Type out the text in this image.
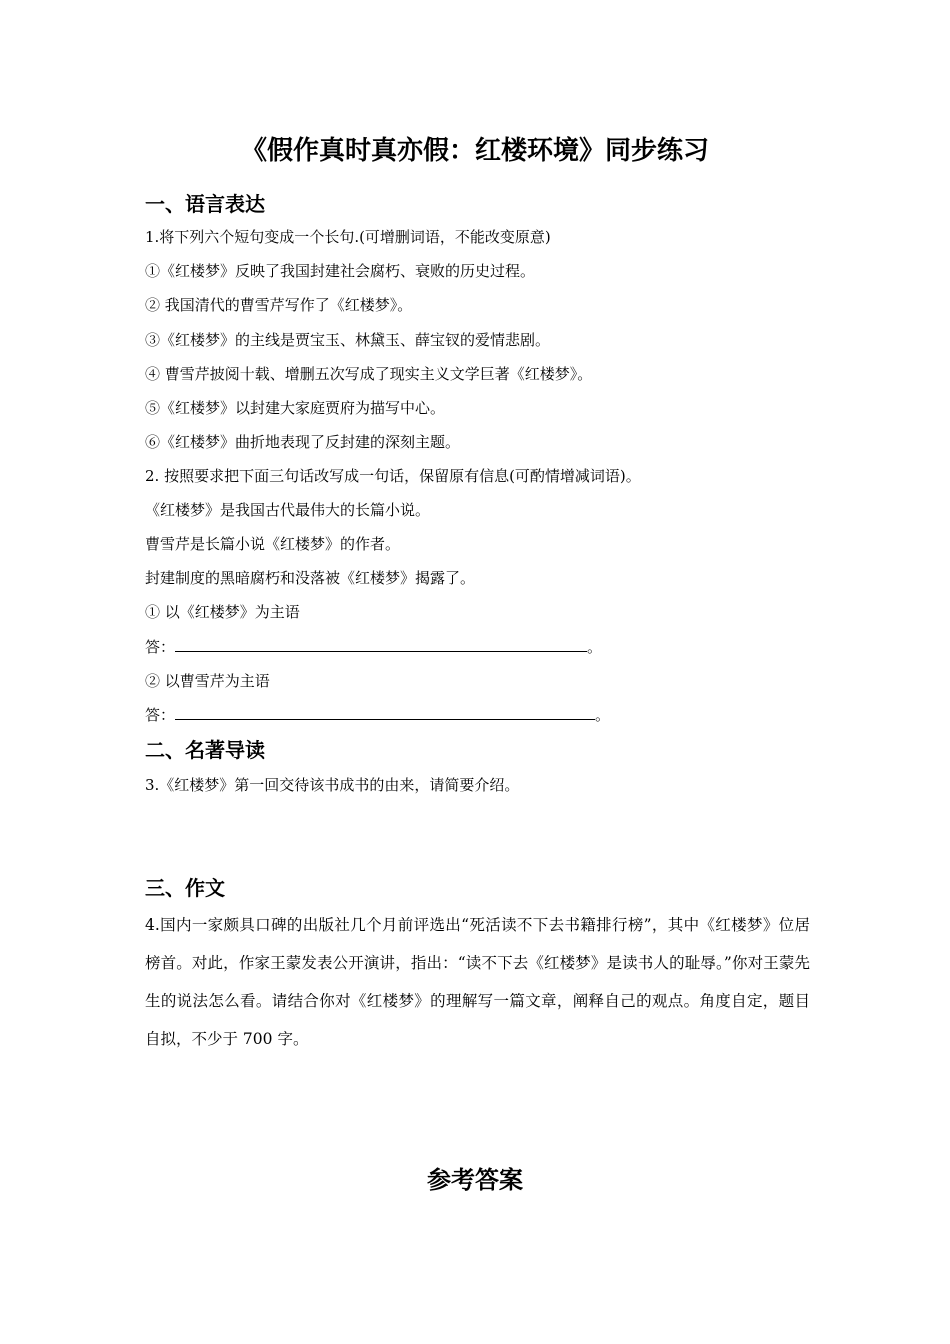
《假作真时真亦假：红楼环境》同步练习
一、语言表达
1.将下列六个短句变成一个长句.(可增删词语，不能改变原意)
①《红楼梦》反映了我国封建社会腐朽、衰败的历史过程。
② 我国清代的曹雪芹写作了《红楼梦》。
③《红楼梦》的主线是贾宝玉、林黛玉、薛宝钗的爱情悲剧。
④ 曹雪芹披阅十载、增删五次写成了现实主义文学巨著《红楼梦》。
⑤《红楼梦》以封建大家庭贾府为描写中心。
⑥《红楼梦》曲折地表现了反封建的深刻主题。
2. 按照要求把下面三句话改写成一句话，保留原有信息(可酌情增减词语)。
《红楼梦》是我国古代最伟大的长篇小说。
曹雪芹是长篇小说《红楼梦》的作者。
封建制度的黑暗腐朽和没落被《红楼梦》揭露了。
① 以《红楼梦》为主语
答：	。
② 以曹雪芹为主语
答：	。
二、名著导读
3.《红楼梦》第一回交待该书成书的由来，请简要介绍。
三、作文
4.国内一家颇具口碑的出版社几个月前评选出“死活读不下去书籍排行榜”，其中《红楼梦》位居榜首。对此，作家王蒙发表公开演讲，指出：“读不下去《红楼梦》是读书人的耻辱。”你对王蒙先生的说法怎么看。请结合你对《红楼梦》的理解写一篇文章，阐释自己的观点。角度自定，题目自拟，不少于 700 字。
参考答案
